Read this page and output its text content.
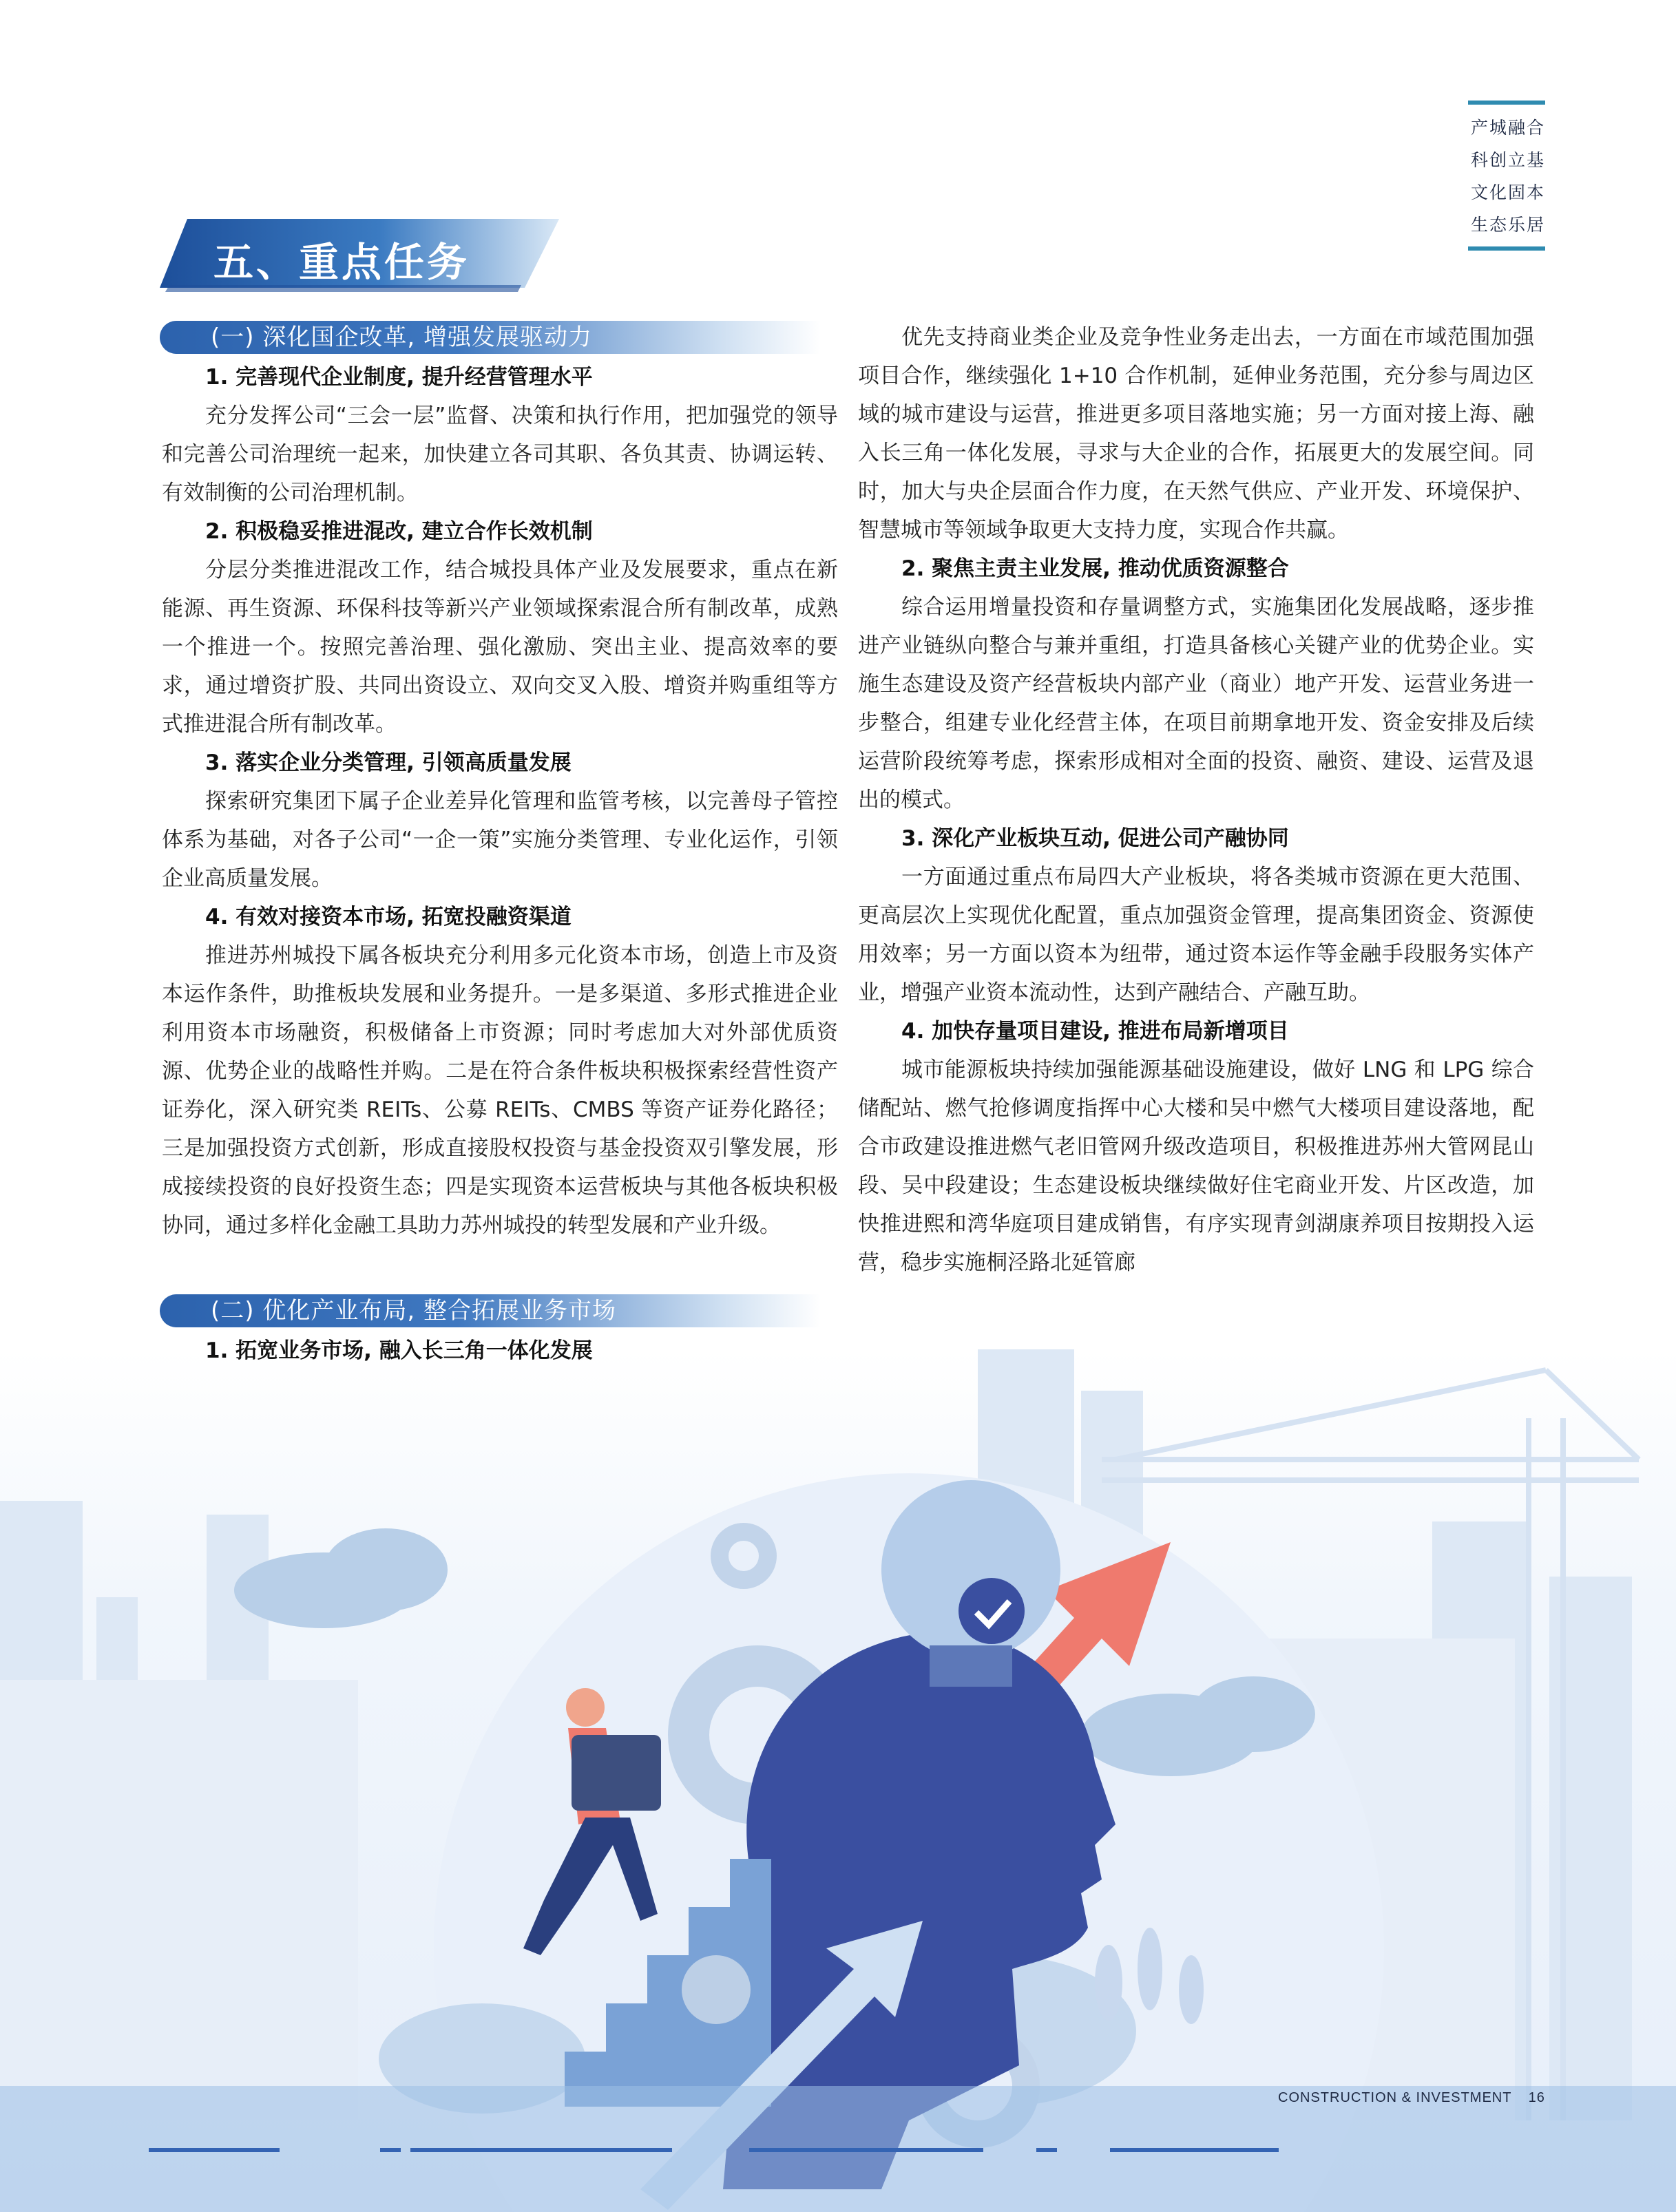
产城融合
科创立基
文化固本
生态乐居
五、重点任务
(一) 深化国企改革, 增强发展驱动力

1. 完善现代企业制度, 提升经营管理水平

充分发挥公司“三会一层”监督、决策和执行作用，把加强党的领导和完善公司治理统一起来，加快建立各司其职、各负其责、协调运转、有效制衡的公司治理机制。

2. 积极稳妥推进混改, 建立合作长效机制

分层分类推进混改工作，结合城投具体产业及发展要求，重点在新能源、再生资源、环保科技等新兴产业领域探索混合所有制改革，成熟一个推进一个。按照完善治理、强化激励、突出主业、提高效率的要求，通过增资扩股、共同出资设立、双向交叉入股、增资并购重组等方式推进混合所有制改革。

3. 落实企业分类管理, 引领高质量发展

探索研究集团下属子企业差异化管理和监管考核，以完善母子管控体系为基础，对各子公司“一企一策”实施分类管理、专业化运作，引领企业高质量发展。

4. 有效对接资本市场, 拓宽投融资渠道

推进苏州城投下属各板块充分利用多元化资本市场，创造上市及资本运作条件，助推板块发展和业务提升。一是多渠道、多形式推进企业利用资本市场融资，积极储备上市资源；同时考虑加大对外部优质资源、优势企业的战略性并购。二是在符合条件板块积极探索经营性资产证券化，深入研究类 REITs、公募 REITs、CMBS 等资产证券化路径；三是加强投资方式创新，形成直接股权投资与基金投资双引擎发展，形成接续投资的良好投资生态；四是实现资本运营板块与其他各板块积极协同，通过多样化金融工具助力苏州城投的转型发展和产业升级。

(二) 优化产业布局, 整合拓展业务市场

1. 拓宽业务市场, 融入长三角一体化发展

优先支持商业类企业及竞争性业务走出去，一方面在市域范围加强项目合作，继续强化 1+10 合作机制，延伸业务范围，充分参与周边区域的城市建设与运营，推进更多项目落地实施；另一方面对接上海、融入长三角一体化发展，寻求与大企业的合作，拓展更大的发展空间。同时，加大与央企层面合作力度，在天然气供应、产业开发、环境保护、智慧城市等领域争取更大支持力度，实现合作共赢。

2. 聚焦主责主业发展, 推动优质资源整合

综合运用增量投资和存量调整方式，实施集团化发展战略，逐步推进产业链纵向整合与兼并重组，打造具备核心关键产业的优势企业。实施生态建设及资产经营板块内部产业（商业）地产开发、运营业务进一步整合，组建专业化经营主体，在项目前期拿地开发、资金安排及后续运营阶段统筹考虑，探索形成相对全面的投资、融资、建设、运营及退出的模式。

3. 深化产业板块互动, 促进公司产融协同

一方面通过重点布局四大产业板块，将各类城市资源在更大范围、更高层次上实现优化配置，重点加强资金管理，提高集团资金、资源使用效率；另一方面以资本为纽带，通过资本运作等金融手段服务实体产业，增强产业资本流动性，达到产融结合、产融互助。

4. 加快存量项目建设, 推进布局新增项目

城市能源板块持续加强能源基础设施建设，做好 LNG 和 LPG 综合储配站、燃气抢修调度指挥中心大楼和吴中燃气大楼项目建设落地，配合市政建设推进燃气老旧管网升级改造项目，积极推进苏州大管网昆山段、吴中段建设；生态建设板块继续做好住宅商业开发、片区改造，加快推进熙和湾华庭项目建成销售，有序实现青剑湖康养项目按期投入运营，稳步实施桐泾路北延管廊

CONSTRUCTION & INVESTMENT 16
